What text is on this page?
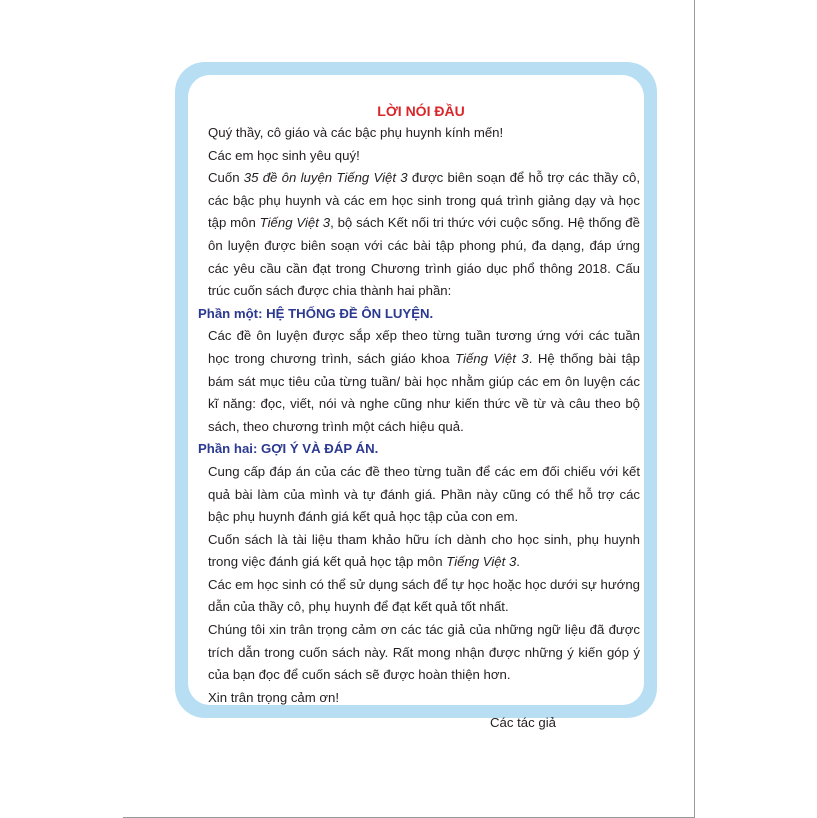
LỜI NÓI ĐẦU

Quý thầy, cô giáo và các bậc phụ huynh kính mến!

Các em học sinh yêu quý!

Cuốn 35 đề ôn luyện Tiếng Việt 3 được biên soạn để hỗ trợ các thầy cô, các bậc phụ huynh và các em học sinh trong quá trình giảng dạy và học tập môn Tiếng Việt 3, bộ sách Kết nối tri thức với cuộc sống. Hệ thống đề ôn luyện được biên soạn với các bài tập phong phú, đa dạng, đáp ứng các yêu cầu cần đạt trong Chương trình giáo dục phổ thông 2018. Cấu trúc cuốn sách được chia thành hai phần:

Phần một: HỆ THỐNG ĐỀ ÔN LUYỆN.

Các đề ôn luyện được sắp xếp theo từng tuần tương ứng với các tuần học trong chương trình, sách giáo khoa Tiếng Việt 3. Hệ thống bài tập bám sát mục tiêu của từng tuần/ bài học nhằm giúp các em ôn luyện các kĩ năng: đọc, viết, nói và nghe cũng như kiến thức về từ và câu theo bộ sách, theo chương trình một cách hiệu quả.

Phần hai: GỢI Ý VÀ ĐÁP ÁN.

Cung cấp đáp án của các đề theo từng tuần để các em đối chiếu với kết quả bài làm của mình và tự đánh giá. Phần này cũng có thể hỗ trợ các bậc phụ huynh đánh giá kết quả học tập của con em.

Cuốn sách là tài liệu tham khảo hữu ích dành cho học sinh, phụ huynh trong việc đánh giá kết quả học tập môn Tiếng Việt 3.

Các em học sinh có thể sử dụng sách để tự học hoặc học dưới sự hướng dẫn của thầy cô, phụ huynh để đạt kết quả tốt nhất.

Chúng tôi xin trân trọng cảm ơn các tác giả của những ngữ liệu đã được trích dẫn trong cuốn sách này. Rất mong nhận được những ý kiến góp ý của bạn đọc để cuốn sách sẽ được hoàn thiện hơn.

Xin trân trọng cảm ơn!

Các tác giả
